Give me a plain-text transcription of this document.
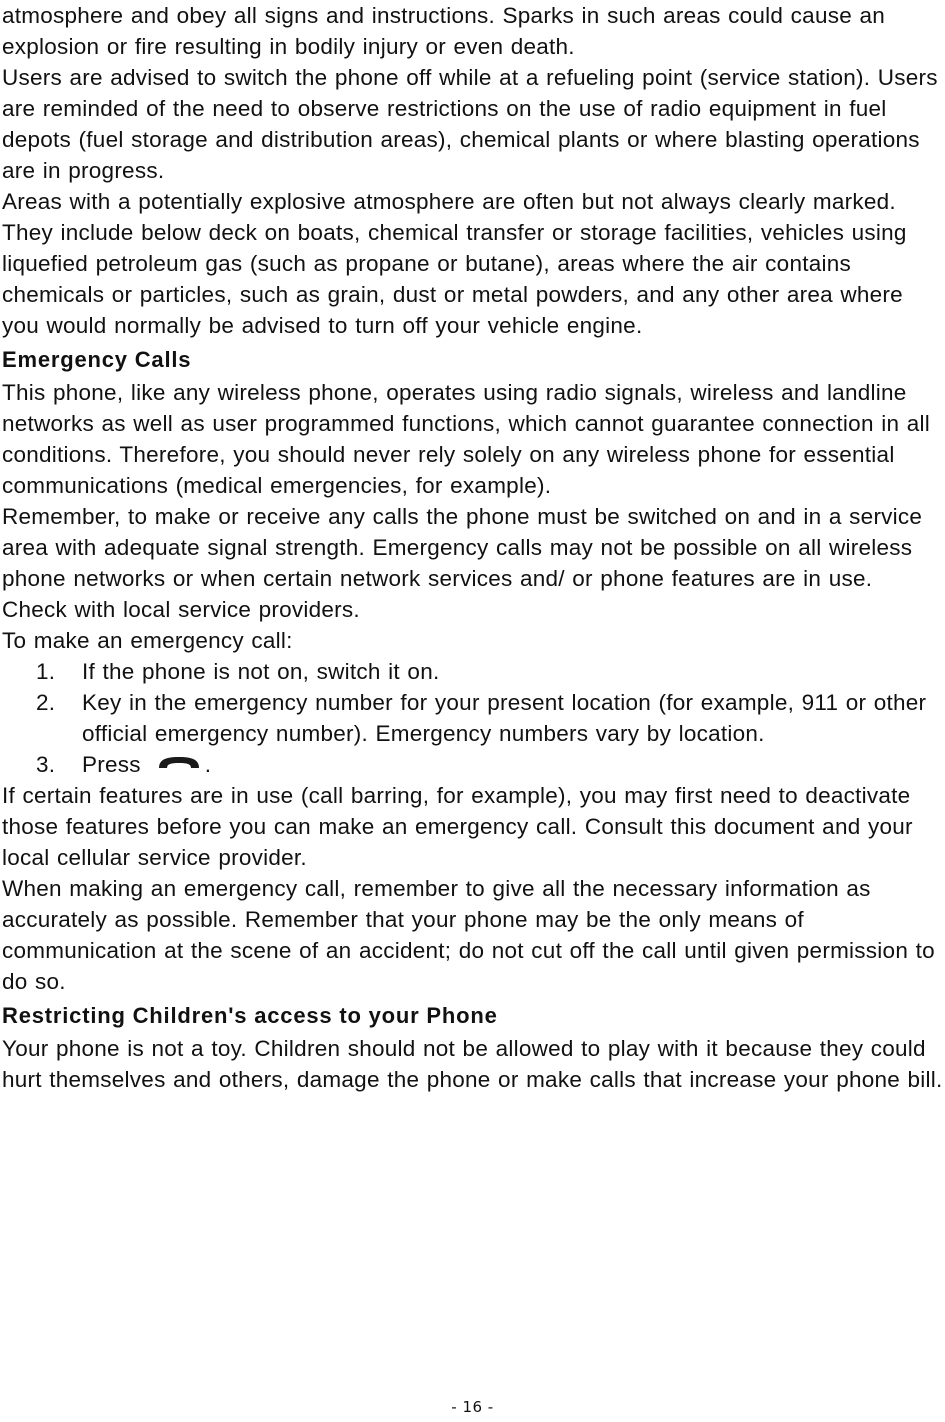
atmosphere and obey all signs and instructions. Sparks in such areas could cause an explosion or fire resulting in bodily injury or even death.

Users are advised to switch the phone off while at a refueling point (service station). Users are reminded of the need to observe restrictions on the use of radio equipment in fuel depots (fuel storage and distribution areas), chemical plants or where blasting operations are in progress.

Areas with a potentially explosive atmosphere are often but not always clearly marked. They include below deck on boats, chemical transfer or storage facilities, vehicles using liquefied petroleum gas (such as propane or butane), areas where the air contains chemicals or particles, such as grain, dust or metal powders, and any other area where you would normally be advised to turn off your vehicle engine.

Emergency Calls

This phone, like any wireless phone, operates using radio signals, wireless and landline networks as well as user programmed functions, which cannot guarantee connection in all conditions. Therefore, you should never rely solely on any wireless phone for essential communications (medical emergencies, for example).

Remember, to make or receive any calls the phone must be switched on and in a service area with adequate signal strength. Emergency calls may not be possible on all wireless phone networks or when certain network services and/ or phone features are in use. Check with local service providers.

To make an emergency call:

1. If the phone is not on, switch it on.
2. Key in the emergency number for your present location (for example, 911 or other official emergency number). Emergency numbers vary by location.
3. Press	.

If certain features are in use (call barring, for example), you may first need to deactivate those features before you can make an emergency call. Consult this document and your local cellular service provider.

When making an emergency call, remember to give all the necessary information as accurately as possible. Remember that your phone may be the only means of communication at the scene of an accident; do not cut off the call until given permission to do so.

Restricting Children's access to your Phone

Your phone is not a toy. Children should not be allowed to play with it because they could hurt themselves and others, damage the phone or make calls that increase your phone bill.

- 16 -
